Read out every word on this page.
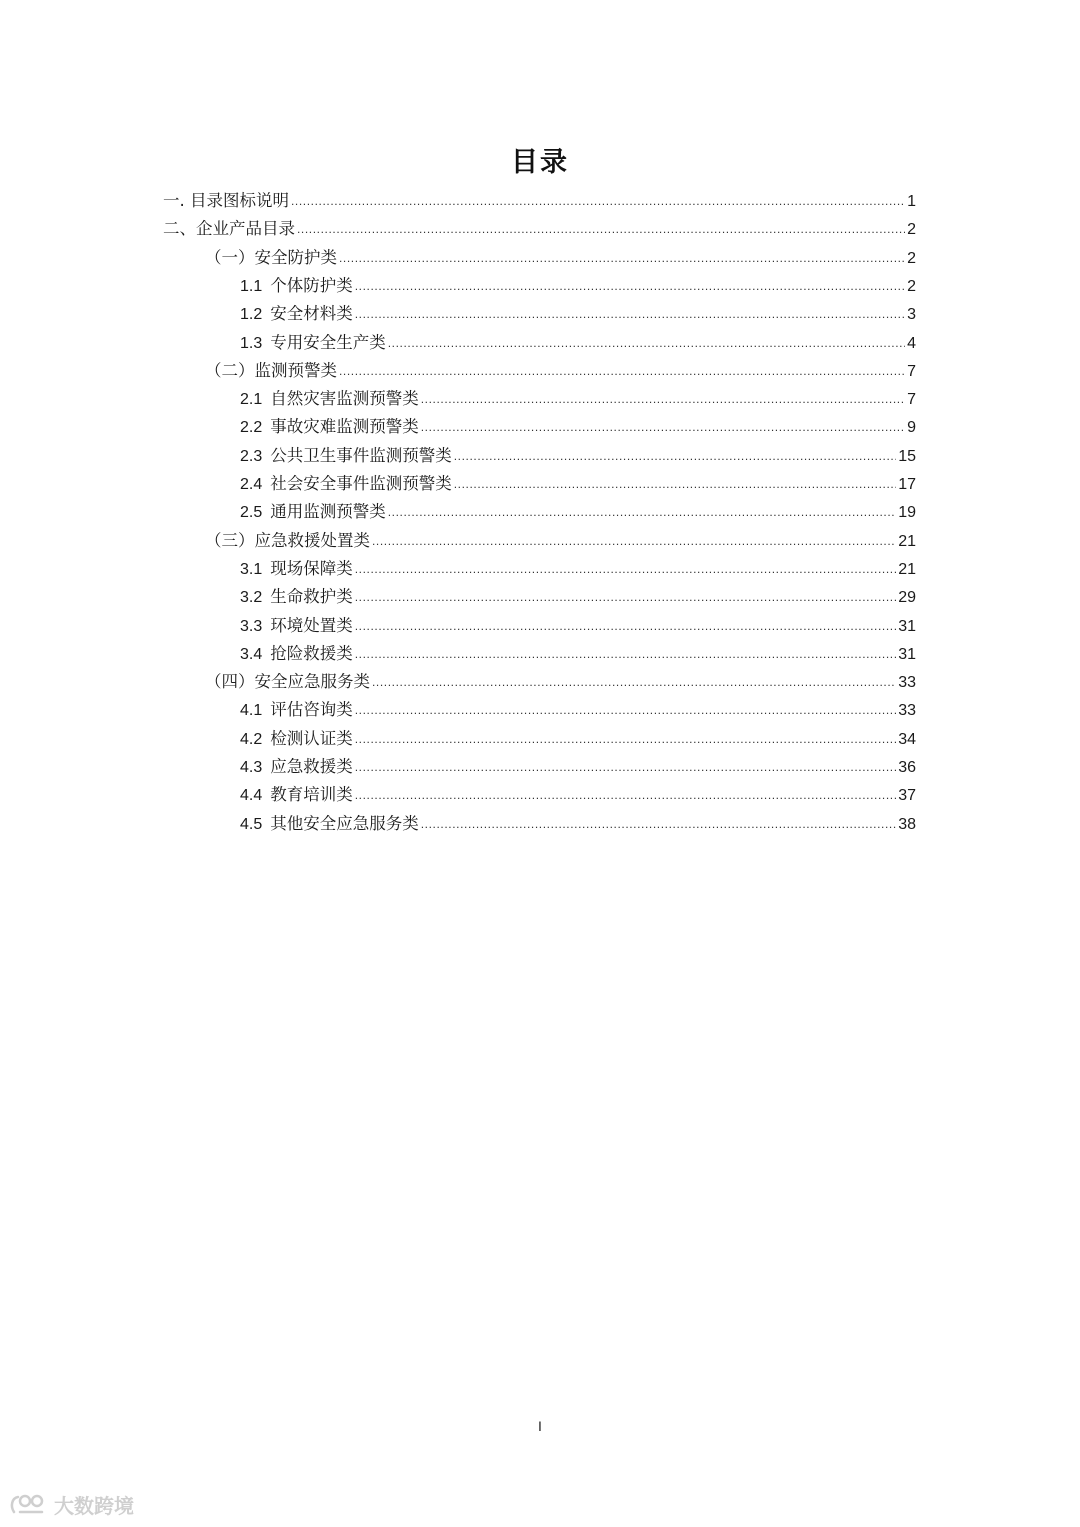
目录
一. 目录图标说明 .....	1
二、企业产品目录 .....	2
（一）安全防护类 .....	2
1.1 个体防护类 .....	2
1.2 安全材料类 .....	3
1.3 专用安全生产类 .....	4
（二）监测预警类 .....	7
2.1 自然灾害监测预警类 .....	7
2.2 事故灾难监测预警类 .....	9
2.3 公共卫生事件监测预警类 .....	15
2.4 社会安全事件监测预警类 .....	17
2.5 通用监测预警类 .....	19
（三）应急救援处置类 .....	21
3.1 现场保障类 .....	21
3.2 生命救护类 .....	29
3.3 环境处置类 .....	31
3.4 抢险救援类 .....	31
（四）安全应急服务类 .....	33
4.1 评估咨询类 .....	33
4.2 检测认证类 .....	34
4.3 应急救援类 .....	36
4.4 教育培训类 .....	37
4.5 其他安全应急服务类 .....	38
I
大数跨境
